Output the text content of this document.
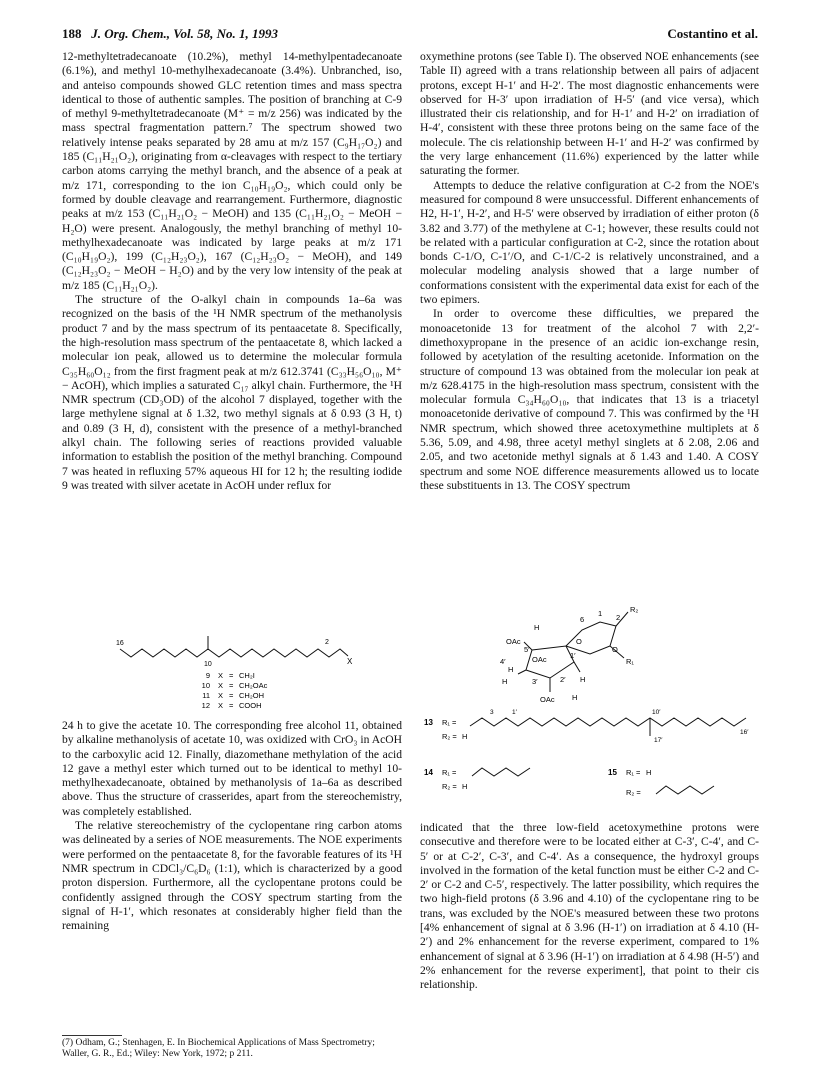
188 J. Org. Chem., Vol. 58, No. 1, 1993	Costantino et al.

12-methyltetradecanoate (10.2%), methyl 14-methylpentadecanoate (6.1%), and methyl 10-methylhexadecanoate (3.4%). Unbranched, iso, and anteiso compounds showed GLC retention times and mass spectra identical to those of authentic samples. The position of branching at C-9 of methyl 9-methyltetradecanoate (M⁺ = m/z 256) was indicated by the mass spectral fragmentation pattern.⁷ The spectrum showed two relatively intense peaks separated by 28 amu at m/z 157 (C₉H₁₇O₂) and 185 (C₁₁H₂₁O₂), originating from α-cleavages with respect to the tertiary carbon atoms carrying the methyl branch, and the absence of a peak at m/z 171, corresponding to the ion C₁₀H₁₉O₂, which could only be formed by double cleavage and rearrangement. Furthermore, diagnostic peaks at m/z 153 (C₁₁H₂₁O₂ − MeOH) and 135 (C₁₁H₂₁O₂ − MeOH − H₂O) were present. Analogously, the methyl branching of methyl 10-methylhexadecanoate was indicated by large peaks at m/z 171 (C₁₀H₁₉O₂), 199 (C₁₂H₂₃O₂), 167 (C₁₂H₂₃O₂ − MeOH), and 149 (C₁₂H₂₃O₂ − MeOH − H₂O) and by the very low intensity of the peak at m/z 185 (C₁₁H₂₁O₂).

The structure of the O-alkyl chain in compounds 1a–6a was recognized on the basis of the ¹H NMR spectrum of the methanolysis product 7 and by the mass spectrum of its pentaacetate 8. Specifically, the high-resolution mass spectrum of the pentaacetate 8, which lacked a molecular ion peak, allowed us to determine the molecular formula C₃₅H₆₀O₁₂ from the first fragment peak at m/z 612.3741 (C₃₃H₅₆O₁₀, M⁺ − AcOH), which implies a saturated C₁₇ alkyl chain. Furthermore, the ¹H NMR spectrum (CD₃OD) of the alcohol 7 displayed, together with the large methylene signal at δ 1.32, two methyl signals at δ 0.93 (3 H, t) and 0.89 (3 H, d), consistent with the presence of a methyl-branched alkyl chain. The following series of reactions provided valuable information to establish the position of the methyl branching. Compound 7 was heated in refluxing 57% aqueous HI for 12 h; the resulting iodide 9 was treated with silver acetate in AcOH under reflux for

16
10
2
X
9 X = CH₂I
10 X = CH₂OAc
11 X = CH₂OH
12 X = COOH

24 h to give the acetate 10. The corresponding free alcohol 11, obtained by alkaline methanolysis of acetate 10, was oxidized with CrO₃ in AcOH to the carboxylic acid 12. Finally, diazomethane methylation of the acid 12 gave a methyl ester which turned out to be identical to methyl 10-methylhexadecanoate, obtained by methanolysis of 1a–6a as described above. Thus the structure of crasserides, apart from the stereochemistry, was completely established.

The relative stereochemistry of the cyclopentane ring carbon atoms was delineated by a series of NOE measurements. The NOE experiments were performed on the pentaacetate 8, for the favorable features of its ¹H NMR spectrum in CDCl₃/C₆D₆ (1:1), which is characterized by a good proton dispersion. Furthermore, all the cyclopentane protons could be confidently assigned through the COSY spectrum starting from the signal of H-1′, which resonates at considerably higher field than the remaining

(7) Odham, G.; Stenhagen, E. In Biochemical Applications of Mass Spectrometry; Waller, G. R., Ed.; Wiley: New York, 1972; p 211.

oxymethine protons (see Table I). The observed NOE enhancements (see Table II) agreed with a trans relationship between all pairs of adjacent protons, except H-1′ and H-2′. The most diagnostic enhancements were observed for H-3′ upon irradiation of H-5′ (and vice versa), which illustrated their cis relationship, and for H-1′ and H-2′ on irradiation of H-4′, consistent with these three protons being on the same face of the molecule. The cis relationship between H-1′ and H-2′ was confirmed by the very large enhancement (11.6%) experienced by the latter while saturating the former.

Attempts to deduce the relative configuration at C-2 from the NOE's measured for compound 8 were unsuccessful. Different enhancements of H2, H-1′, H-2′, and H-5′ were observed by irradiation of either proton (δ 3.82 and 3.77) of the methylene at C-1; however, these results could not be related with a particular configuration at C-2, since the rotation about bonds C-1/O, C-1′/O, and C-1/C-2 is relatively unconstrained, and a molecular modeling analysis showed that a large number of conformations consistent with the experimental data exist for each of the two epimers.

In order to overcome these difficulties, we prepared the monoacetonide 13 for treatment of the alcohol 7 with 2,2′-dimethoxypropane in the presence of an acidic ion-exchange resin, followed by acetylation of the resulting acetonide. Information on the structure of compound 13 was obtained from the molecular ion peak at m/z 628.4175 in the high-resolution mass spectrum, consistent with the molecular formula C₃₄H₆₀O₁₀, that indicates that 13 is a triacetyl monoacetonide derivative of compound 7. This was confirmed by the ¹H NMR spectrum, which showed three acetoxymethine multiplets at δ 5.36, 5.09, and 4.98, three acetyl methyl singlets at δ 2.08, 2.06 and 2.05, and two acetonide methyl signals at δ 1.43 and 1.40. A COSY spectrum and some NOE difference measurements allowed us to locate these substituents in 13. The COSY spectrum

H
OAc
5′
4′
H
OAc	1′
6
O
H	3′	2′ H
OAc H
1 2
R₂
R₁
O
13 R₁ =
R₂ = H
3	1′	10′
16′
17′
14 R₁ =
R₂ = H
15 R₁ = H
R₂ =

indicated that the three low-field acetoxymethine protons were consecutive and therefore were to be located either at C-3′, C-4′, and C-5′ or at C-2′, C-3′, and C-4′. As a consequence, the hydroxyl groups involved in the formation of the ketal function must be either C-2 and C-2′ or C-2 and C-5′, respectively. The latter possibility, which requires the two high-field protons (δ 3.96 and 4.10) of the cyclopentane ring to be trans, was excluded by the NOE's measured between these two protons [4% enhancement of signal at δ 3.96 (H-1′) on irradiation at δ 4.10 (H-2′) and 2% enhancement for the reverse experiment, compared to 1% enhancement of signal at δ 3.96 (H-1′) on irradiation at δ 4.98 (H-5′) and 2% enhancement for the reverse experiment], that point to their cis relationship.
